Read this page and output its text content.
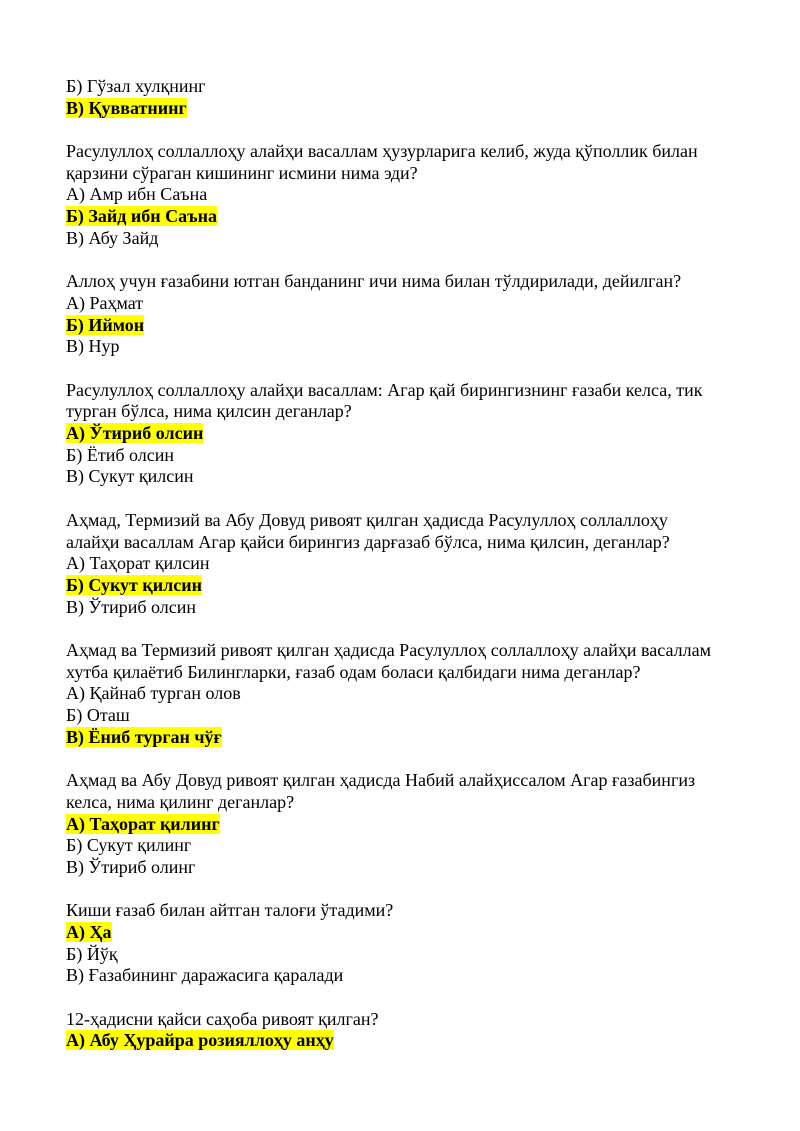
Б) Гўзал хулқнинг
В) Қувватнинг
Расулуллоҳ соллаллоҳу алайҳи васаллам ҳузурларига келиб, жуда қўполлик билан
қарзини сўраган кишининг исмини нима эди?
А) Амр ибн Саъна
Б) Зайд ибн Саъна
В) Абу Зайд
Аллоҳ учун ғазабини ютган банданинг ичи нима билан тўлдирилади, дейилган?
А) Раҳмат
Б) Иймон
В) Нур
Расулуллоҳ соллаллоҳу алайҳи васаллам: Агар қай бирингизнинг ғазаби келса, тик
турган бўлса, нима қилсин деганлар?
А) Ўтириб олсин
Б) Ётиб олсин
В) Сукут қилсин
Аҳмад, Термизий ва Абу Довуд ривоят қилган ҳадисда Расулуллоҳ соллаллоҳу
алайҳи васаллам Агар қайси бирингиз дарғазаб бўлса, нима қилсин, деганлар?
А) Таҳорат қилсин
Б) Сукут қилсин
В) Ўтириб олсин
Аҳмад ва Термизий ривоят қилган ҳадисда Расулуллоҳ соллаллоҳу алайҳи васаллам
хутба қилаётиб Билингларки, ғазаб одам боласи қалбидаги нима деганлар?
А) Қайнаб турган олов
Б) Оташ
В) Ёниб турган чўғ
Аҳмад ва Абу Довуд ривоят қилган ҳадисда Набий алайҳиссалом Агар ғазабингиз
келса, нима қилинг деганлар?
А) Таҳорат қилинг
Б) Сукут қилинг
В) Ўтириб олинг
Киши ғазаб билан айтган талоғи ўтадими?
А) Ҳа
Б) Йўқ
В) Ғазабининг даражасига қаралади
12-ҳадисни қайси саҳоба ривоят қилган?
А) Абу Ҳурайра розияллоҳу анҳу
